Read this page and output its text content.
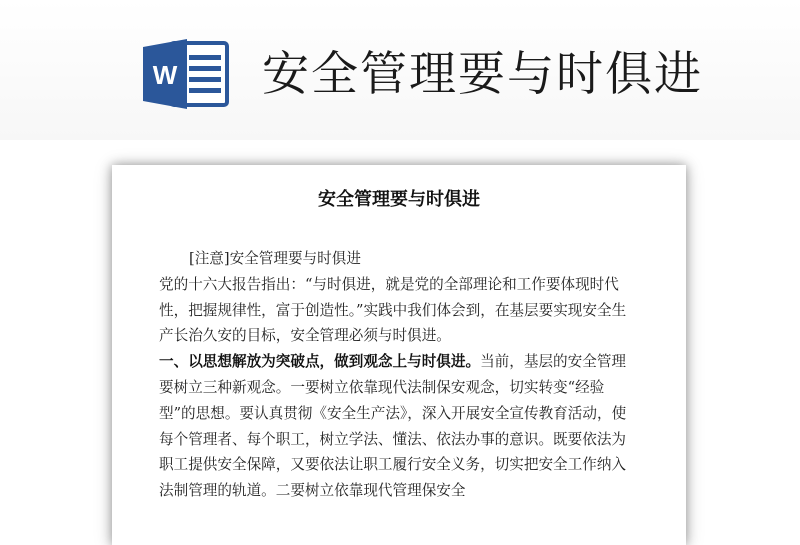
W 安全管理要与时俱进
安全管理要与时俱进

[注意]安全管理要与时俱进

党的十六大报告指出：“与时俱进，就是党的全部理论和工作要体现时代性，把握规律性，富于创造性。”实践中我们体会到，在基层要实现安全生产长治久安的目标，安全管理必须与时俱进。

一、以思想解放为突破点，做到观念上与时俱进。当前，基层的安全管理要树立三种新观念。一要树立依靠现代法制保安观念，切实转变“经验型”的思想。要认真贯彻《安全生产法》，深入开展安全宣传教育活动，使每个管理者、每个职工，树立学法、懂法、依法办事的意识。既要依法为职工提供安全保障，又要依法让职工履行安全义务，切实把安全工作纳入法制管理的轨道。二要树立依靠现代管理保安全
